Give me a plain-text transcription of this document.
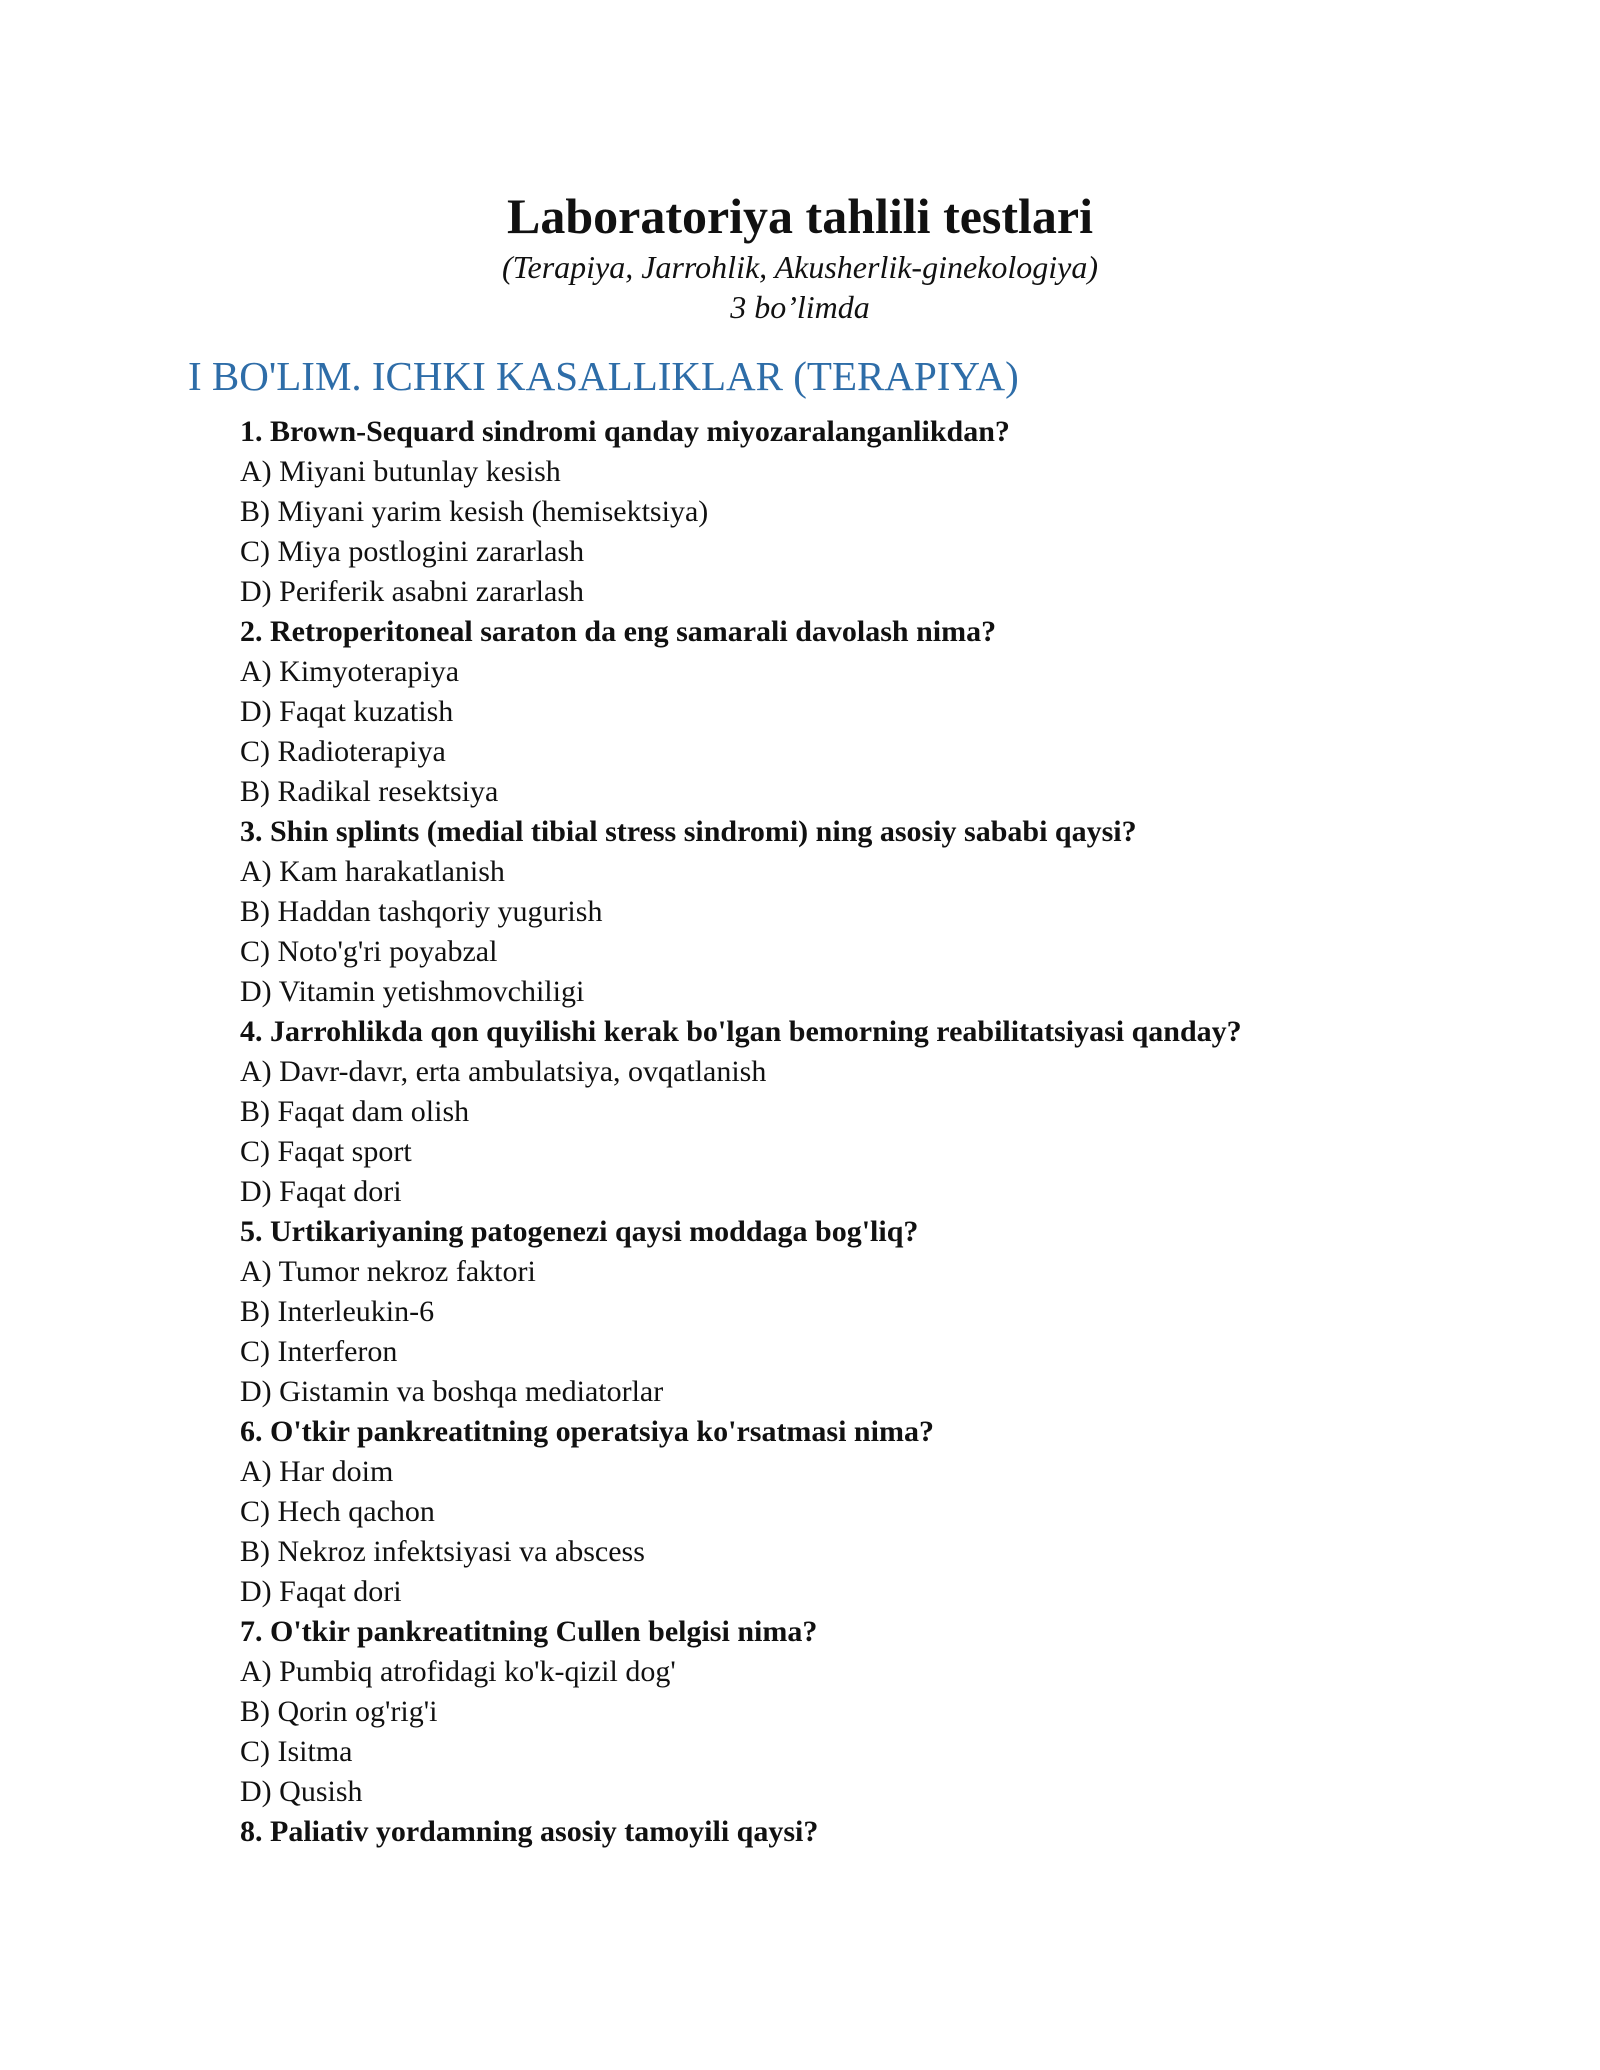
Laboratoriya tahlili testlari
(Terapiya, Jarrohlik, Akusherlik-ginekologiya)
3 bo’limda
I BO'LIM. ICHKI KASALLIKLAR (TERAPIYA)
1. Brown-Sequard sindromi qanday miyozaralanganlikdan?
A) Miyani butunlay kesish
B) Miyani yarim kesish (hemisektsiya)
C) Miya postlogini zararlash
D) Periferik asabni zararlash
2. Retroperitoneal saraton da eng samarali davolash nima?
A) Kimyoterapiya
D) Faqat kuzatish
C) Radioterapiya
B) Radikal resektsiya
3. Shin splints (medial tibial stress sindromi) ning asosiy sababi qaysi?
A) Kam harakatlanish
B) Haddan tashqoriy yugurish
C) Noto'g'ri poyabzal
D) Vitamin yetishmovchiligi
4. Jarrohlikda qon quyilishi kerak bo'lgan bemorning reabilitatsiyasi qanday?
A) Davr-davr, erta ambulatsiya, ovqatlanish
B) Faqat dam olish
C) Faqat sport
D) Faqat dori
5. Urtikariyaning patogenezi qaysi moddaga bog'liq?
A) Tumor nekroz faktori
B) Interleukin-6
C) Interferon
D) Gistamin va boshqa mediatorlar
6. O'tkir pankreatitning operatsiya ko'rsatmasi nima?
A) Har doim
C) Hech qachon
B) Nekroz infektsiyasi va abscess
D) Faqat dori
7. O'tkir pankreatitning Cullen belgisi nima?
A) Pumbiq atrofidagi ko'k-qizil dog'
B) Qorin og'rig'i
C) Isitma
D) Qusish
8. Paliativ yordamning asosiy tamoyili qaysi?
